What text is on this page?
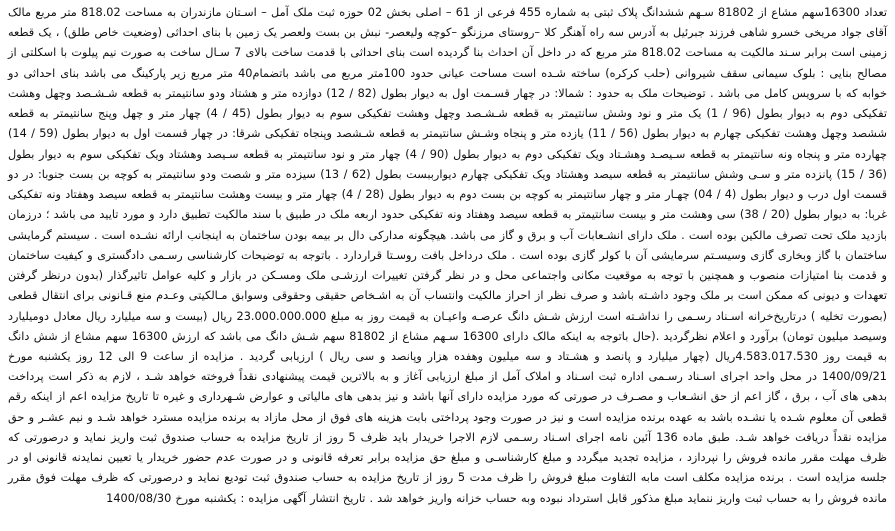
تعداد 16300سهم مشاع از 81802 سـهم ششدانگ پلاک ثبتی به شماره 455 فرعی از 61 – اصلی بخش 02 حوزه ثبت ملک آمل – اسـتان مازندران به مساحت 818.02 متر مربع مالک آقای جواد مریخی خسرو شاهی فرزند جبرئیل به آدرس سه راه آهنگر کلا –روستای مرزنگو –کوچه ولیعصر- نبش بن بست ولعصر یک زمین با بنای احداثی (وضعیت خاص طلق) ، یک قطعه زمینی است برابر سـند مالکیت به مساحت 818.02 متر مربع که در داخل آن احداث بنا گردیده است بنای احداثی با قدمت ساخت بالای 7 سـال ساخت به صورت نیم پیلوت با اسکلتی از مصالح بنایی : بلوک سیمانی سقف شیروانی (حلب کرکره) ساخته شـده است مساحت عیانی حدود 100متر مربع می باشد باتضمام40 متر مربع زیر پارکینگ می باشد بنای احداثی دو خوابه که با سرویس کامل می باشد . توضیحات ملک به حدود : شمالا: در چهار قسـمت اول به دیوار بطول (82 / 12) دوازده متر و هشتاد ودو سانتیمتر به قطعه شـشـصد وچهل وهشت تفکیکی دوم به دیوار بطول (96 / 1) یک متر و نود وشش سانتیمتر به قطعه شـشـصد وچهل وهشت تفکیکی سوم به دیوار بطول (45 / 4) چهار متر و چهل وپنج سانتیمتر به قطعه ششصد وچهل وهشت تفکیکی چهارم به دیوار بطول (56 / 11) یازده متر و پنجاه وشـش سانتیمتر به قطعه شـشصد وپنجاه تفکیکی شرقا: در چهار قسمت اول به دیوار بطول (59 / 14) چهارده متر و پنجاه ونه سانتیمتر به قطعه سـیصـد وهشـتاد ویک تفکیکی دوم به دیوار بطول (90 / 4) چهار متر و نود سانتیمتر به قطعه سـیصد وهشتاد ویک تفکیکی سوم به دیوار بطول (36 / 15) پانزده متر و سـی وشش سانتیمتر به قطعه سیصد وهشتاد ویک تفکیکی چهارم دیوارببست بطول (62 / 13) سیزده متر و شصت ودو سانتیمتر به کوچه بن بست جنوبا: در دو قسمت اول درب و دیوار بطول (4 / 04) چهـار متر و چهار سانتیمتر به کوچه بن بست دوم به دیوار بطول (28 / 4) چهار متر و بیست وهشت سانتیمتر به قطعه سیصد وهفتاد ونه تفکیکی غربا: به دیوار بطول (20 / 38) سی وهشت متر و بیست سانتیمتر به قطعه سیصد وهفتاد ونه تفکیکی حدود اربعه ملک در طبیق با سند مالکیت تطبیق دارد و مورد تایید می باشد ؛ درزمان بازدید ملک تحت تصرف مالکین بوده است . ملک دارای انشـعابات آب و برق و گاز می باشد. هیچگونه مدارکی دال بر بیمه بودن ساختمان به اینجانب ارائه نشـده است . سیستم گرمایشی ساختمان با گاز وبخاری گازی وسیسـتم سرمایشی آن با کولر گازی بوده است . ملک درداخل بافت روسـتا قراردارد . باتوجه به توضیحات کارشناسی رسـمی دادگستری و کیفیت ساختمان و قدمت بنا امتیازات منصوب و همچنین با توجه به موقعیت مکانی واجتماعی محل و در نظر گرفتن تغییرات ارزشـی ملک ومسـکن در بازار و کلیه عوامل تاثیرگذار (بدون درنظر گرفتن تعهدات و دیونی که ممکن است بر ملک وجود داشـته باشد و صرف نظر از احراز مالکیت وانتساب آن به اشـخاص حقیقی وحقوقی وسوابق مـالکیتی وعـدم منع قـانونی برای انتقال قطعی (بصورت تخلیه ) درتاریخ‌خرانه اسـناد رسـمی را نداشـته است ارزش شـش دانگ عرصـه واعیـان به قیمت روز به مبلغ 23.000.000.000 ریال (بیست و سه میلیارد ریال معادل دومیلیارد وسیصد میلیون تومان) برآورد و اعلام نظرگردید .(حال باتوجه به اینکه مالک دارای 16300 سـهم مشاع از 81802 سهم شـش دانگ می باشد که ارزش 16300 سهم مشاع از شش دانگ به قیمت روز 4.583.017.530ریال (چهار میلیارد و پانصد و هشـتاد و سه میلیون وهفده هزار وپانصد و سی ریال ) ارزیابی گردید . مزایده از ساعت 9 الی 12 روز یکشنبه مورخ 1400/09/21 در محل واحد اجرای اسـناد رسـمی اداره ثبت اسـناد و املاک آمل از مبلغ ارزیابی آغاز و به بالاترین قیمت پیشنهادی نقداً فروخته خواهد شـد ، لازم به ذکر است پرداخت بدهی های آب ، برق ، گاز اعم از حق انشـعاب و مصـرف در صورتی که مورد مزایده دارای آنها باشد و نیز بدهی های مالیاتی و عوارض شـهرداری و غیره تا تاریخ مزایده اعم از اینکه رقم قطعی آن معلوم شـده یا نشـده باشد به عهده برنده مزایده است و نیز در صورت وجود پرداختی بابت هزینه های فوق از محل مازاد به برنده مزایده مسترد خواهد شـد و نیم عشـر و حق مزایده نقداً دریافت خواهد شـد. طبق ماده 136 آئین نامه اجرای اسـناد رسـمی لازم الاجرا خریدار باید ظرف 5 روز از تاریخ مزایده به حساب صندوق ثبت واریز نماید و درصورتی که ظرف مهلت مقرر مانده فروش را نپردازد ، مزایده تجدید میگردد و مبلغ کارشناسـی و مبلغ حق مزایده برابر تعرفه قانونی و در صورت عدم حضور خریدار یا تعیین نمایدنه قانونی او در جلسه مزایده است . برنده مزایده مکلف است مابه التفاوت مبلغ فروش را ظرف مدت 5 روز از تاریخ مزایده به حساب صندوق ثبت تودیع نماید و درصورتی که ظرف مهلت فوق مقرر مانده فروش را به حساب ثبت واریز ننماید مبلغ مذکور قابل استرداد نبوده وبه حساب خزانه واریز خواهد شد . تاریخ انتشار آگهی مزایده : یکشنبه مورخ 1400/08/30
